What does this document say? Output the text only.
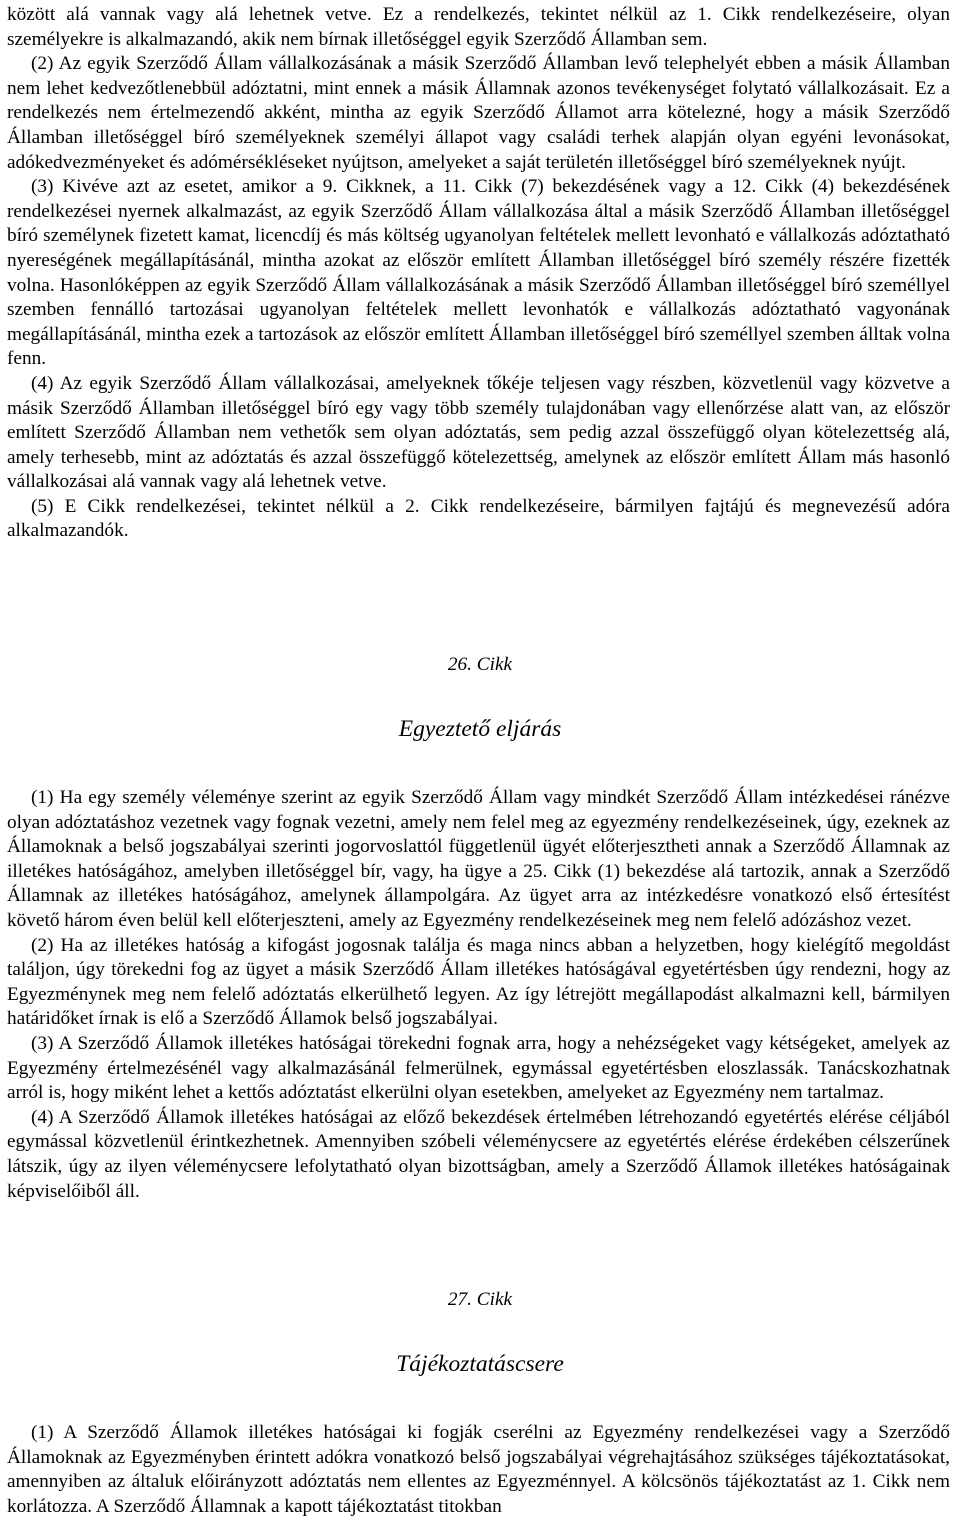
között alá vannak vagy alá lehetnek vetve. Ez a rendelkezés, tekintet nélkül az 1. Cikk rendelkezéseire, olyan személyekre is alkalmazandó, akik nem bírnak illetőséggel egyik Szerződő Államban sem.

(2) Az egyik Szerződő Állam vállalkozásának a másik Szerződő Államban levő telephelyét ebben a másik Államban nem lehet kedvezőtlenebbül adóztatni, mint ennek a másik Államnak azonos tevékenységet folytató vállalkozásait. Ez a rendelkezés nem értelmezendő akként, mintha az egyik Szerződő Államot arra kötelezné, hogy a másik Szerződő Államban illetőséggel bíró személyeknek személyi állapot vagy családi terhek alapján olyan egyéni levonásokat, adókedvezményeket és adómérsékléseket nyújtson, amelyeket a saját területén illetőséggel bíró személyeknek nyújt.

(3) Kivéve azt az esetet, amikor a 9. Cikknek, a 11. Cikk (7) bekezdésének vagy a 12. Cikk (4) bekezdésének rendelkezései nyernek alkalmazást, az egyik Szerződő Állam vállalkozása által a másik Szerződő Államban illetőséggel bíró személynek fizetett kamat, licencdíj és más költség ugyanolyan feltételek mellett levonható e vállalkozás adóztatható nyereségének megállapításánál, mintha azokat az először említett Államban illetőséggel bíró személy részére fizették volna. Hasonlóképpen az egyik Szerződő Állam vállalkozásának a másik Szerződő Államban illetőséggel bíró személlyel szemben fennálló tartozásai ugyanolyan feltételek mellett levonhatók e vállalkozás adóztatható vagyonának megállapításánál, mintha ezek a tartozások az először említett Államban illetőséggel bíró személlyel szemben álltak volna fenn.

(4) Az egyik Szerződő Állam vállalkozásai, amelyeknek tőkéje teljesen vagy részben, közvetlenül vagy közvetve a másik Szerződő Államban illetőséggel bíró egy vagy több személy tulajdonában vagy ellenőrzése alatt van, az először említett Szerződő Államban nem vethetők sem olyan adóztatás, sem pedig azzal összefüggő olyan kötelezettség alá, amely terhesebb, mint az adóztatás és azzal összefüggő kötelezettség, amelynek az először említett Állam más hasonló vállalkozásai alá vannak vagy alá lehetnek vetve.

(5) E Cikk rendelkezései, tekintet nélkül a 2. Cikk rendelkezéseire, bármilyen fajtájú és megnevezésű adóra alkalmazandók.

26. Cikk
Egyeztető eljárás

(1) Ha egy személy véleménye szerint az egyik Szerződő Állam vagy mindkét Szerződő Állam intézkedései ránézve olyan adóztatáshoz vezetnek vagy fognak vezetni, amely nem felel meg az egyezmény rendelkezéseinek, úgy, ezeknek az Államoknak a belső jogszabályai szerinti jogorvoslattól függetlenül ügyét előterjesztheti annak a Szerződő Államnak az illetékes hatóságához, amelyben illetőséggel bír, vagy, ha ügye a 25. Cikk (1) bekezdése alá tartozik, annak a Szerződő Államnak az illetékes hatóságához, amelynek állampolgára. Az ügyet arra az intézkedésre vonatkozó első értesítést követő három éven belül kell előterjeszteni, amely az Egyezmény rendelkezéseinek meg nem felelő adózáshoz vezet.

(2) Ha az illetékes hatóság a kifogást jogosnak találja és maga nincs abban a helyzetben, hogy kielégítő megoldást találjon, úgy törekedni fog az ügyet a másik Szerződő Állam illetékes hatóságával egyetértésben úgy rendezni, hogy az Egyezménynek meg nem felelő adóztatás elkerülhető legyen. Az így létrejött megállapodást alkalmazni kell, bármilyen határidőket írnak is elő a Szerződő Államok belső jogszabályai.

(3) A Szerződő Államok illetékes hatóságai törekedni fognak arra, hogy a nehézségeket vagy kétségeket, amelyek az Egyezmény értelmezésénél vagy alkalmazásánál felmerülnek, egymással egyetértésben eloszlassák. Tanácskozhatnak arról is, hogy miként lehet a kettős adóztatást elkerülni olyan esetekben, amelyeket az Egyezmény nem tartalmaz.

(4) A Szerződő Államok illetékes hatóságai az előző bekezdések értelmében létrehozandó egyetértés elérése céljából egymással közvetlenül érintkezhetnek. Amennyiben szóbeli véleménycsere az egyetértés elérése érdekében célszerűnek látszik, úgy az ilyen véleménycsere lefolytatható olyan bizottságban, amely a Szerződő Államok illetékes hatóságainak képviselőiből áll.

27. Cikk
Tájékoztatáscsere

(1) A Szerződő Államok illetékes hatóságai ki fogják cserélni az Egyezmény rendelkezései vagy a Szerződő Államoknak az Egyezményben érintett adókra vonatkozó belső jogszabályai végrehajtásához szükséges tájékoztatásokat, amennyiben az általuk előirányzott adóztatás nem ellentes az Egyezménnyel. A kölcsönös tájékoztatást az 1. Cikk nem korlátozza. A Szerződő Államnak a kapott tájékoztatást titokban
